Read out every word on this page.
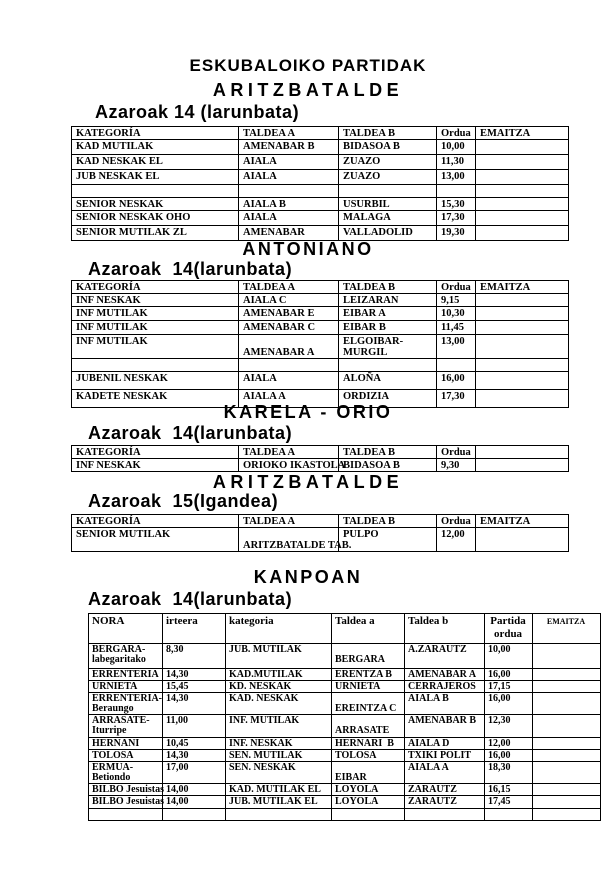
ESKUBALOIKO PARTIDAK
ARITZBATALDE
Azaroak 14 (larunbata)
KATEGORÍA	TALDEA A	TALDEA B	Ordua	EMAITZA

KAD MUTILAK	AMENABAR B	BIDASOA B	10,00	

KAD NESKAK EL	AIALA	ZUAZO	11,30	

JUB NESKAK EL	AIALA	ZUAZO	13,00	

SENIOR NESKAK	AIALA B	USURBIL	15,30	

SENIOR NESKAK OHO	AIALA	MALAGA	17,30	

SENIOR MUTILAK ZL	AMENABAR	VALLADOLID	19,30	

ANTONIANO
Azaroak  14(larunbata)
KATEGORÍA	TALDEA A	TALDEA B	Ordua	EMAITZA

INF NESKAK	AIALA C	LEIZARAN	9,15	

INF MUTILAK	AMENABAR E	EIBAR A	10,30	

INF MUTILAK	AMENABAR C	EIBAR B	11,45	

INF MUTILAK	AMENABAR A	ELGOIBAR-
MURGIL	13,00	

JUBENIL NESKAK	AIALA	ALOÑA	16,00	

KADETE NESKAK	AIALA A	ORDIZIA	17,30	

KARELA - ORIO
Azaroak  14(larunbata)
KATEGORÍA	TALDEA A	TALDEA B	Ordua	

INF NESKAK	ORIOKO IKASTOLA	BIDASOA B	9,30	

ARITZBATALDE
Azaroak  15(Igandea)
KATEGORÍA	TALDEA A	TALDEA B	Ordua	EMAITZA

SENIOR MUTILAK	ARITZBATALDE TAB.	PULPO	12,00	

KANPOAN
Azaroak  14(larunbata)
NORA	irteera	kategoria	Taldea a	Taldea b	Partida
ordua	EMAITZA

BERGARA-
labegaritako	8,30	JUB. MUTILAK	BERGARA	A.ZARAUTZ	10,00	

ERRENTERIA	14,30	KAD.MUTILAK	ERENTZA B	AMENABAR A	16,00	

URNIETA	15,45	KD. NESKAK	URNIETA	CERRAJEROS	17,15	

ERRENTERIA-
Beraungo	14,30	KAD. NESKAK	EREINTZA C	AIALA B	16,00	

ARRASATE-
Iturripe	11,00	INF. MUTILAK	ARRASATE	AMENABAR B	12,30	

HERNANI	10,45	INF. NESKAK	HERNARI  B	AIALA D	12,00	

TOLOSA	14,30	SEN. MUTILAK	TOLOSA	TXIKI POLIT	16,00	

ERMUA-
Betiondo	17,00	SEN. NESKAK	EIBAR	AIALA A	18,30	

BILBO Jesuistas	14,00	KAD. MUTILAK EL	LOYOLA	ZARAUTZ	16,15	

BILBO Jesuistas	14,00	JUB. MUTILAK EL	LOYOLA	ZARAUTZ	17,45	
